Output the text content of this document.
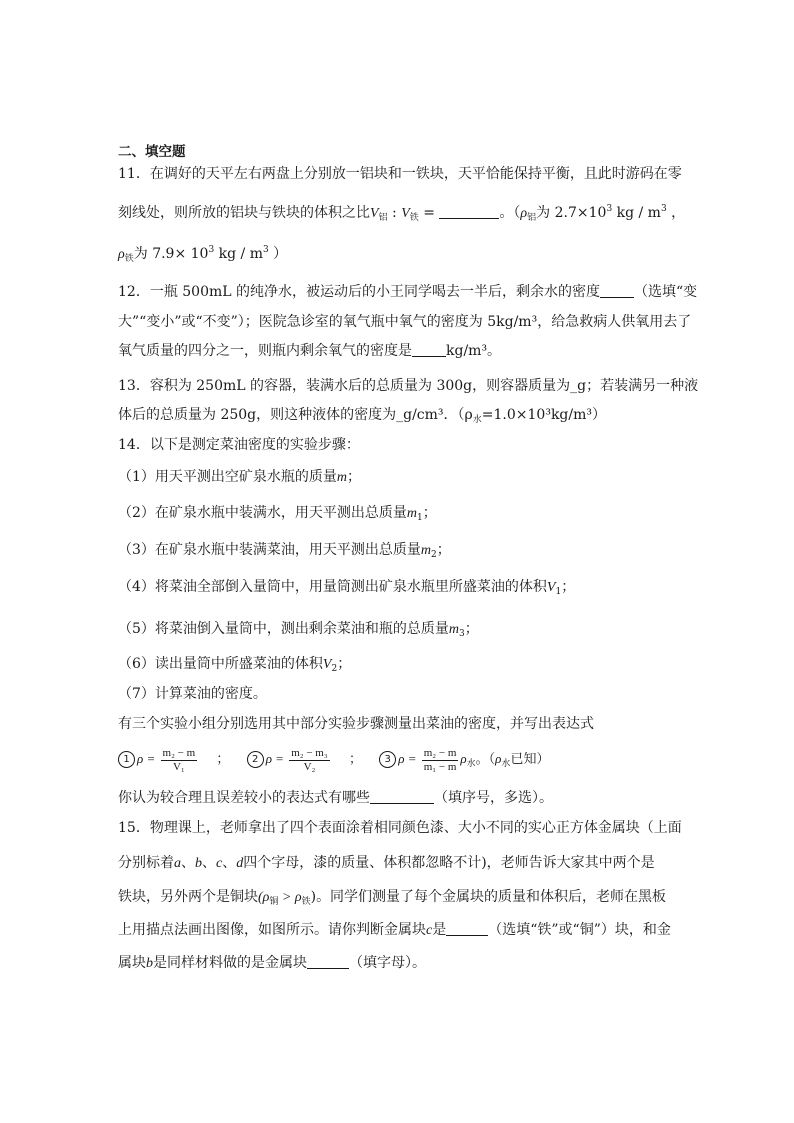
二、填空题
11．在调好的天平左右两盘上分别放一铝块和一铁块，天平恰能保持平衡，且此时游码在零
刻线处，则所放的铝块与铁块的体积之比$V_铝$ : $V_铁$ =	。（$\rho_铝$为 $2.7\times 10^3$ kg / $m^3$ ，
$\rho_铁$为 $7.9\times 10^3$ kg / $m^3$ ）
12．一瓶 500mL 的纯净水，被运动后的小王同学喝去一半后，剩余水的密度 （选填“变
大”“变小”或“不变”）；医院急诊室的氧气瓶中氧气的密度为 5kg/m³，给急救病人供氧用去了
氧气质量的四分之一，则瓶内剩余氧气的密度是 kg/m³。
13．容积为 250mL 的容器，装满水后的总质量为 300g，则容器质量为_g；若装满另一种液
体后的总质量为 250g，则这种液体的密度为_g/cm³．$(\rho_水=1.0\times 10^3kg/m^3)$
14．以下是测定菜油密度的实验步骤：
（1）用天平测出空矿泉水瓶的质量m；
（2）在矿泉水瓶中装满水，用天平测出总质量$m_1$；
（3）在矿泉水瓶中装满菜油，用天平测出总质量$m_2$；
（4）将菜油全部倒入量筒中，用量筒测出矿泉水瓶里所盛菜油的体积$V_1$；
（5）将菜油倒入量筒中，测出剩余菜油和瓶的总质量$m_3$；
（6）读出量筒中所盛菜油的体积$V_2$；
（7）计算菜油的密度。
有三个实验小组分别选用其中部分实验步骤测量出菜油的密度，并写出表达式
1 $\rho = \frac{\text{m₂ − m}}{\text{V₁}}$ ； 2 $\rho = \frac{\text{m₂ − m₃}}{\text{V₂}}$ ； 3 $\rho = \frac{\text{m₂ − m}}{\text{m₁ − m}} \rho_水$。（$\rho_水$已知）
你认为较合理且误差较小的表达式有哪些	（填序号，多选）。
15．物理课上，老师拿出了四个表面涂着相同颜色漆、大小不同的实心正方体金属块（上面
分别标着a、b、c、d四个字母，漆的质量、体积都忽略不计)，老师告诉大家其中两个是
铁块，另外两个是铜块$(\rho_铜 > \rho_铁)$。同学们测量了每个金属块的质量和体积后，老师在黑板
上用描点法画出图像，如图所示。请你判断金属块c是	（选填“铁”或“铜”）块，和金
属块b是同样材料做的是金属块	（填字母）。
